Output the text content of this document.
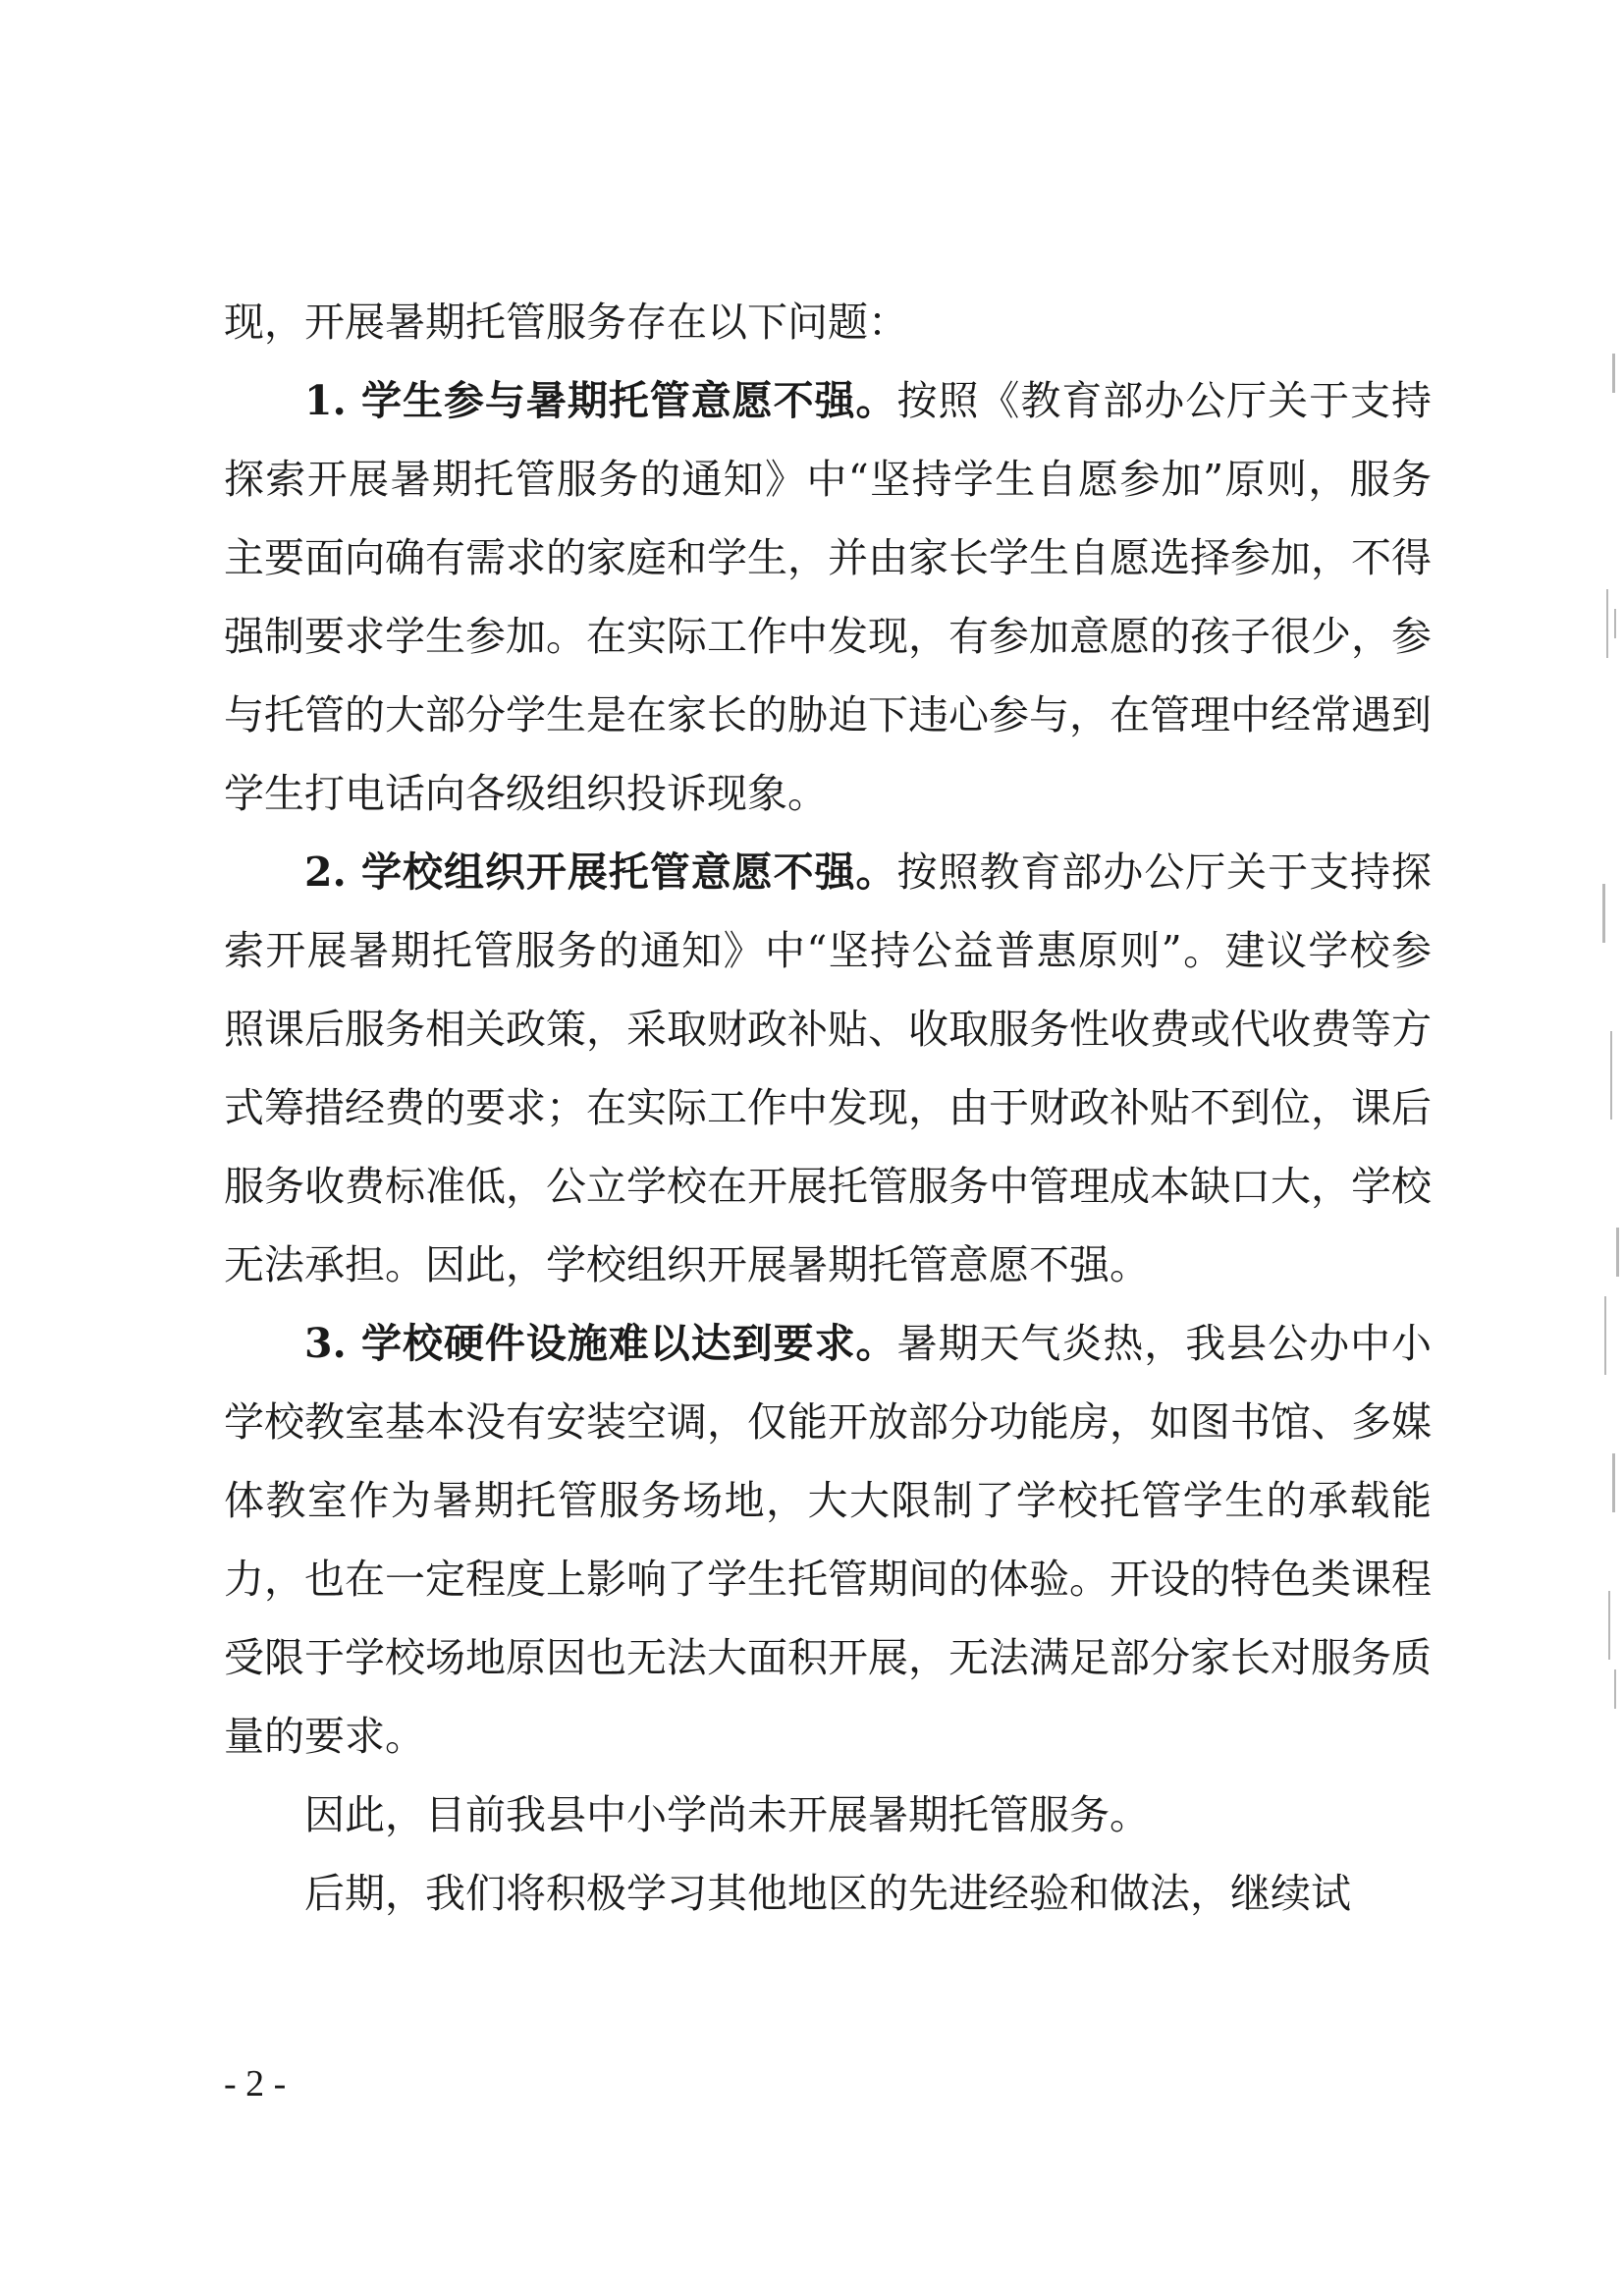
现，开展暑期托管服务存在以下问题：

1. 学生参与暑期托管意愿不强。按照《教育部办公厅关于支持探索开展暑期托管服务的通知》中“坚持学生自愿参加”原则，服务主要面向确有需求的家庭和学生，并由家长学生自愿选择参加，不得强制要求学生参加。在实际工作中发现，有参加意愿的孩子很少，参与托管的大部分学生是在家长的胁迫下违心参与，在管理中经常遇到学生打电话向各级组织投诉现象。

2. 学校组织开展托管意愿不强。按照教育部办公厅关于支持探索开展暑期托管服务的通知》中“坚持公益普惠原则”。建议学校参照课后服务相关政策，采取财政补贴、收取服务性收费或代收费等方式筹措经费的要求；在实际工作中发现，由于财政补贴不到位，课后服务收费标准低，公立学校在开展托管服务中管理成本缺口大，学校无法承担。因此，学校组织开展暑期托管意愿不强。

3. 学校硬件设施难以达到要求。暑期天气炎热，我县公办中小学校教室基本没有安装空调，仅能开放部分功能房，如图书馆、多媒体教室作为暑期托管服务场地，大大限制了学校托管学生的承载能力，也在一定程度上影响了学生托管期间的体验。开设的特色类课程受限于学校场地原因也无法大面积开展，无法满足部分家长对服务质量的要求。

因此，目前我县中小学尚未开展暑期托管服务。

后期，我们将积极学习其他地区的先进经验和做法，继续试

- 2 -
